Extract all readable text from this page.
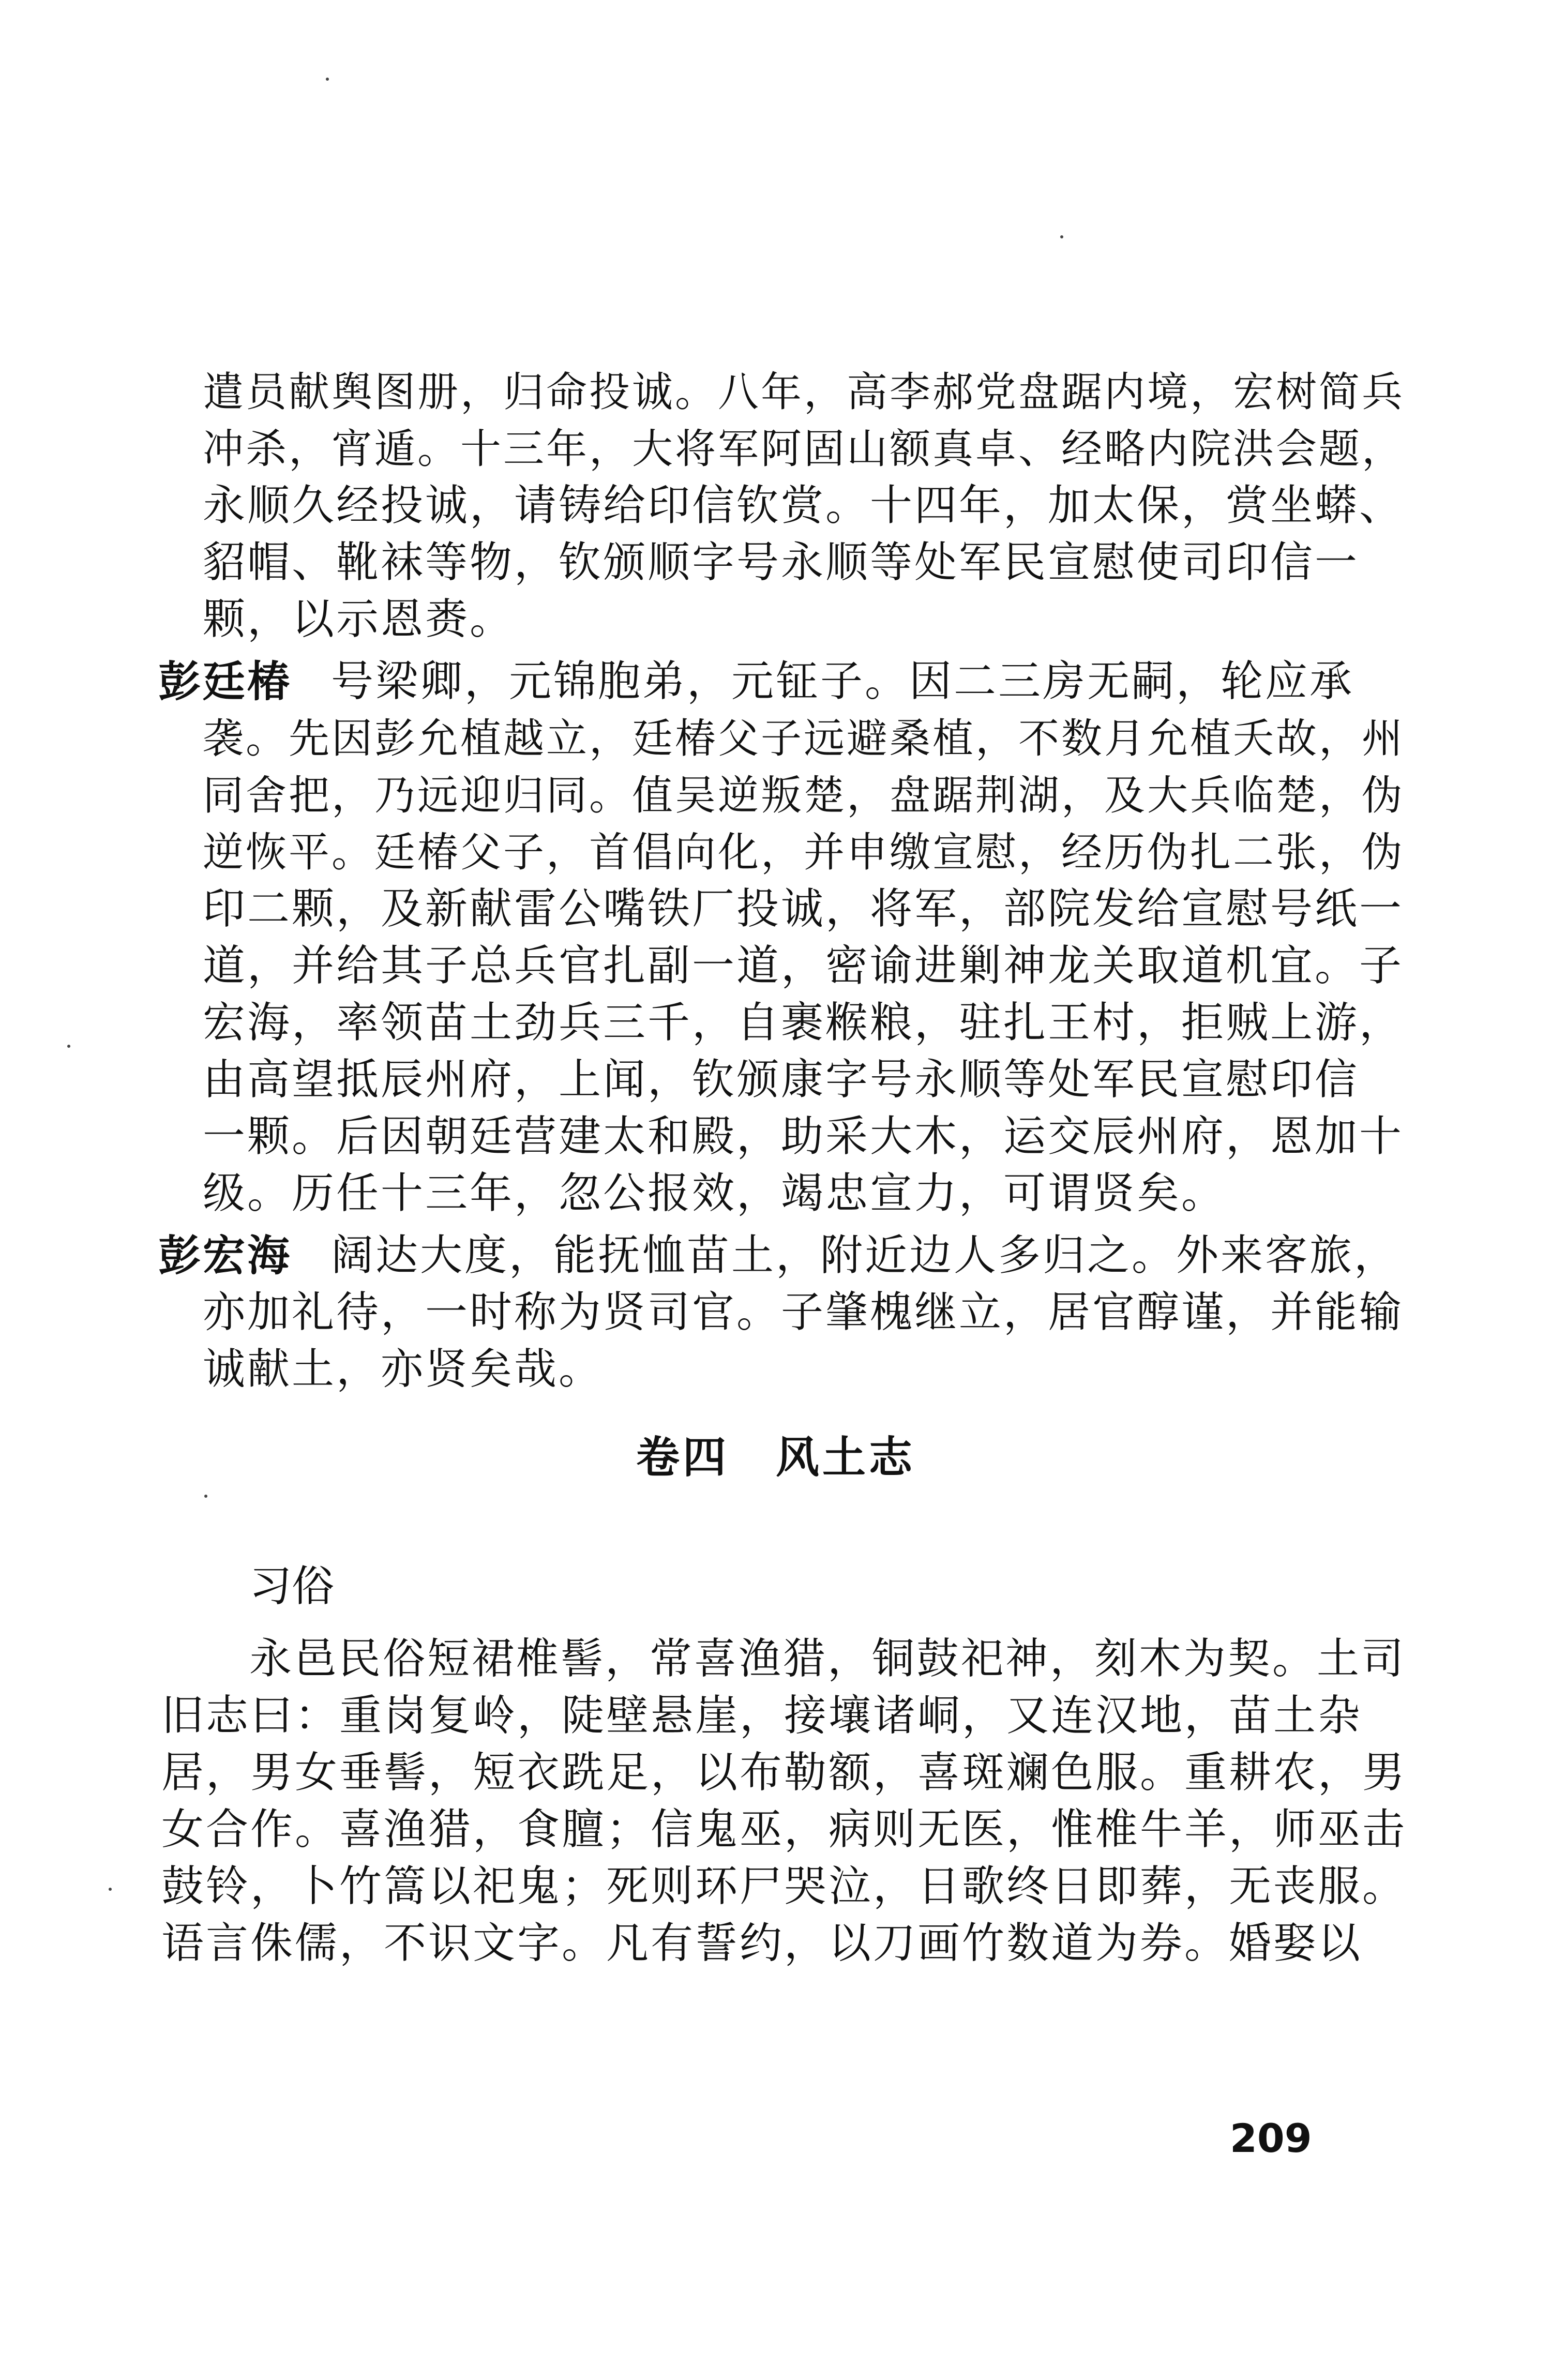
遣员献舆图册，归命投诚。八年，高李郝党盘踞内境，宏树简兵
冲杀，宵遁。十三年，大将军阿固山额真卓、经略内院洪会题，
永顺久经投诚，请铸给印信钦赏。十四年，加太保，赏坐蟒、
貂帽、靴袜等物，钦颁顺字号永顺等处军民宣慰使司印信一
颗，以示恩赉。
彭廷椿 号梁卿，元锦胞弟，元钲子。因二三房无嗣，轮应承
袭。先因彭允植越立，廷椿父子远避桑植，不数月允植夭故，州
同舍把，乃远迎归同。值吴逆叛楚，盘踞荆湖，及大兵临楚，伪
逆恢平。廷椿父子，首倡向化，并申缴宣慰，经历伪扎二张，伪
印二颗，及新献雷公嘴铁厂投诚，将军，部院发给宣慰号纸一
道，并给其子总兵官扎副一道，密谕进剿神龙关取道机宜。子
宏海，率领苗土劲兵三千，自裹糇粮，驻扎王村，拒贼上游，
由高望抵辰州府，上闻，钦颁康字号永顺等处军民宣慰印信
一颗。后因朝廷营建太和殿，助采大木，运交辰州府，恩加十
级。历任十三年，忽公报效，竭忠宣力，可谓贤矣。
彭宏海 阔达大度，能抚恤苗土，附近边人多归之。外来客旅，
亦加礼待，一时称为贤司官。子肇槐继立，居官醇谨，并能输
诚献土，亦贤矣哉。
卷四　风土志
习俗
永邑民俗短裙椎髻，常喜渔猎，铜鼓祀神，刻木为契。土司
旧志曰：重岗复岭，陡壁悬崖，接壤诸峒，又连汉地，苗土杂
居，男女垂髻，短衣跣足，以布勒额，喜斑斓色服。重耕农，男
女合作。喜渔猎，食膻；信鬼巫，病则无医，惟椎牛羊，师巫击
鼓铃，卜竹篙以祀鬼；死则环尸哭泣，日歌终日即葬，无丧服。
语言侏儒，不识文字。凡有誓约，以刀画竹数道为券。婚娶以
209
